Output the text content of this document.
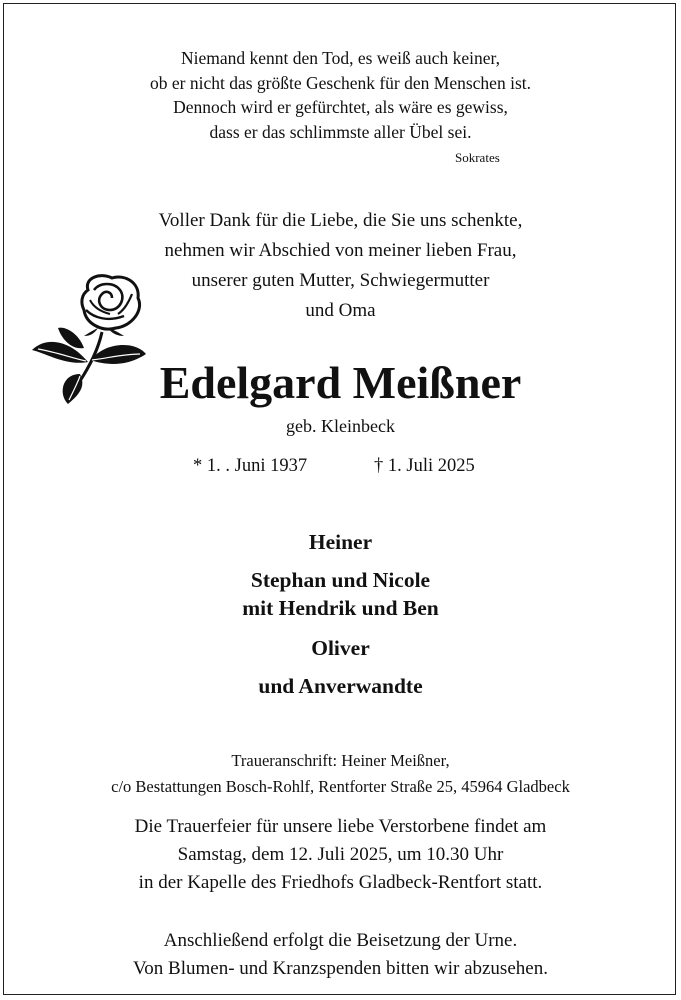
Niemand kennt den Tod, es weiß auch keiner,
ob er nicht das größte Geschenk für den Menschen ist.
Dennoch wird er gefürchtet, als wäre es gewiss,
dass er das schlimmste aller Übel sei.
Sokrates
Voller Dank für die Liebe, die Sie uns schenkte,
nehmen wir Abschied von meiner lieben Frau,
unserer guten Mutter, Schwiegermutter
und Oma
Edelgard Meißner
geb. Kleinbeck
* 1. . Juni 1937	† 1. Juli 2025
Heiner
Stephan und Nicole
mit Hendrik und Ben
Oliver
und Anverwandte
Traueranschrift: Heiner Meißner,
c/o Bestattungen Bosch-Rohlf, Rentforter Straße 25, 45964 Gladbeck
Die Trauerfeier für unsere liebe Verstorbene findet am
Samstag, dem 12. Juli 2025, um 10.30 Uhr
in der Kapelle des Friedhofs Gladbeck-Rentfort statt.
Anschließend erfolgt die Beisetzung der Urne.
Von Blumen- und Kranzspenden bitten wir abzusehen.
